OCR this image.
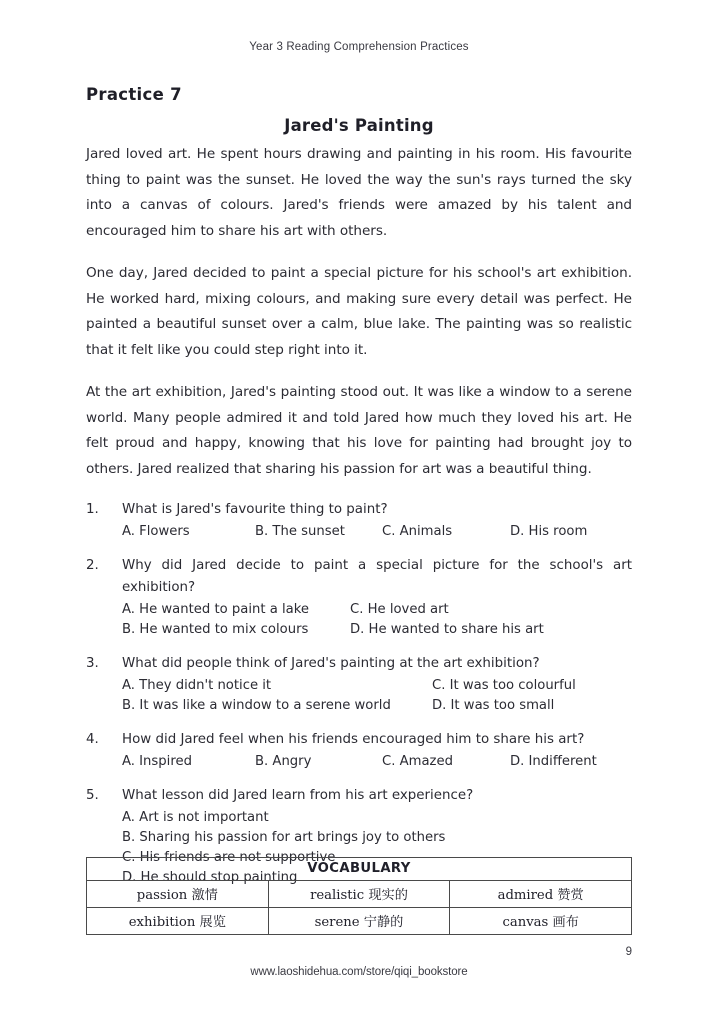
Year 3 Reading Comprehension Practices
Practice 7
Jared's Painting

Jared loved art. He spent hours drawing and painting in his room. His favourite thing to paint was the sunset. He loved the way the sun's rays turned the sky into a canvas of colours. Jared's friends were amazed by his talent and encouraged him to share his art with others.

One day, Jared decided to paint a special picture for his school's art exhibition. He worked hard, mixing colours, and making sure every detail was perfect. He painted a beautiful sunset over a calm, blue lake. The painting was so realistic that it felt like you could step right into it.

At the art exhibition, Jared's painting stood out. It was like a window to a serene world. Many people admired it and told Jared how much they loved his art. He felt proud and happy, knowing that his love for painting had brought joy to others. Jared realized that sharing his passion for art was a beautiful thing.

1.	What is Jared's favourite thing to paint?
A. Flowers	B. The sunset	C. Animals	D. His room
2.	Why did Jared decide to paint a special picture for the school's art exhibition?
A. He wanted to paint a lake	C. He loved art
B. He wanted to mix colours	D. He wanted to share his art
3.	What did people think of Jared's painting at the art exhibition?
A. They didn't notice it	C. It was too colourful
B. It was like a window to a serene world	D. It was too small
4.	How did Jared feel when his friends encouraged him to share his art?
A. Inspired	B. Angry	C. Amazed	D. Indifferent
5.	What lesson did Jared learn from his art experience?
A. Art is not important
B. Sharing his passion for art brings joy to others
C. His friends are not supportive
D. He should stop painting
VOCABULARY		
passion 激情	realistic 现实的	admired 赞赏
exhibition 展览	serene 宁静的	canvas 画布
9
www.laoshidehua.com/store/qiqi_bookstore
